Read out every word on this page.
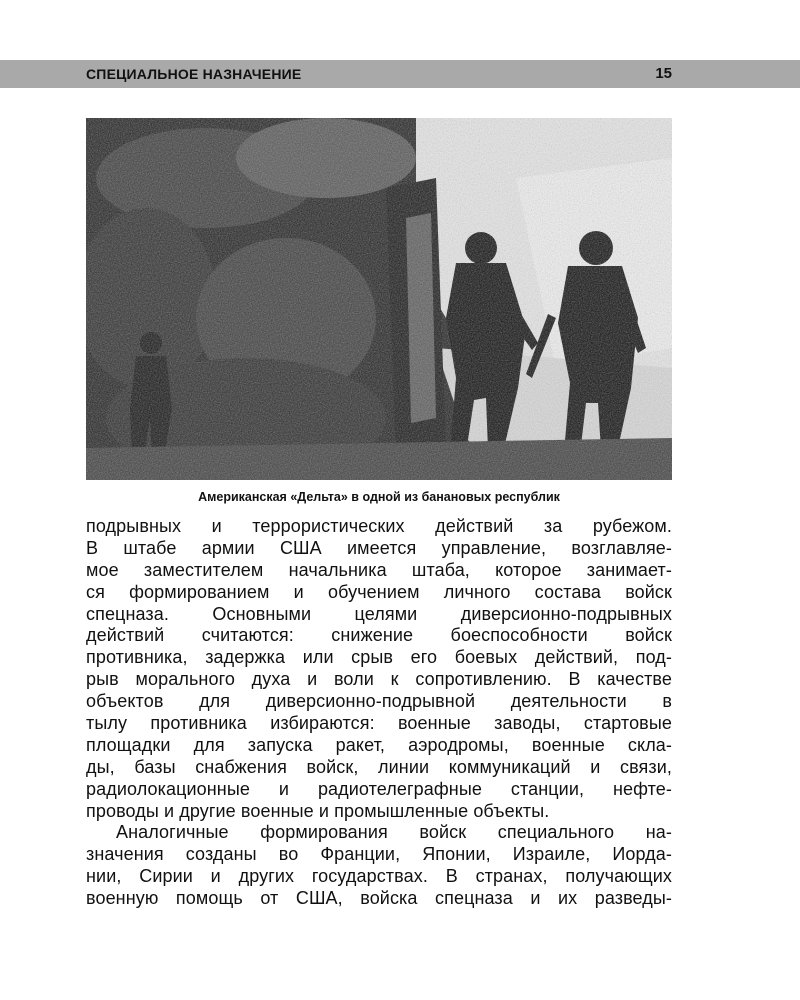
СПЕЦИАЛЬНОЕ НАЗНАЧЕНИЕ	15
Американская «Дельта» в одной из банановых республик
подрывных и террористических действий за рубежом.
В штабе армии США имеется управление, возглавляе-
мое заместителем начальника штаба, которое занимает-
ся формированием и обучением личного состава войск
спецназа. Основными целями диверсионно-подрывных
действий считаются: снижение боеспособности войск
противника, задержка или срыв его боевых действий, под-
рыв морального духа и воли к сопротивлению. В качестве
объектов для диверсионно-подрывной деятельности в
тылу противника избираются: военные заводы, стартовые
площадки для запуска ракет, аэродромы, военные скла-
ды, базы снабжения войск, линии коммуникаций и связи,
радиолокационные и радиотелеграфные станции, нефте-
проводы и другие военные и промышленные объекты.
Аналогичные формирования войск специального на-
значения созданы во Франции, Японии, Израиле, Иорда-
нии, Сирии и других государствах. В странах, получающих
военную помощь от США, войска спецназа и их разведы-
